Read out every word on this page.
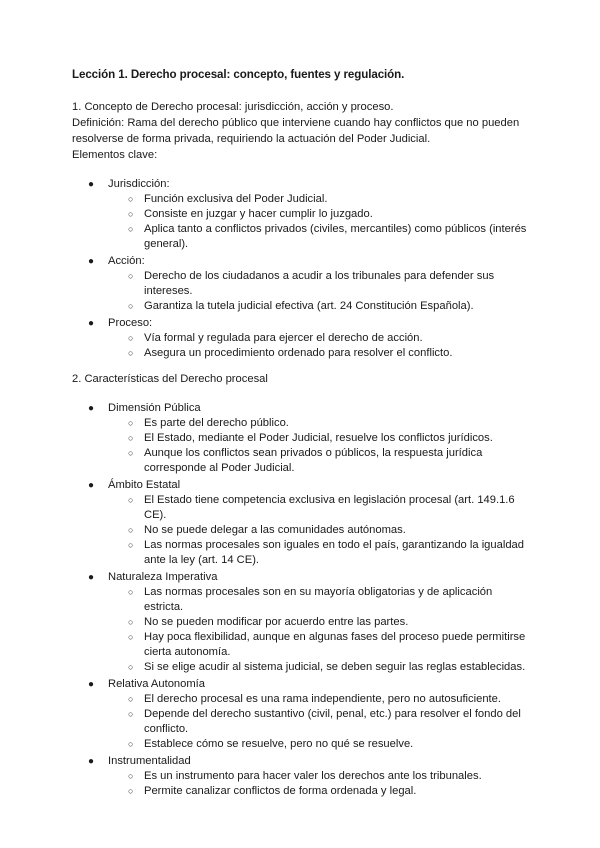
Lección 1. Derecho procesal: concepto, fuentes y regulación.

1. Concepto de Derecho procesal: jurisdicción, acción y proceso.

Definición: Rama del derecho público que interviene cuando hay conflictos que no pueden resolverse de forma privada, requiriendo la actuación del Poder Judicial.

Elementos clave:

● Jurisdicción:
○ Función exclusiva del Poder Judicial.
○ Consiste en juzgar y hacer cumplir lo juzgado.
○ Aplica tanto a conflictos privados (civiles, mercantiles) como públicos (interés general).
● Acción:
○ Derecho de los ciudadanos a acudir a los tribunales para defender sus intereses.
○ Garantiza la tutela judicial efectiva (art. 24 Constitución Española).
● Proceso:
○ Vía formal y regulada para ejercer el derecho de acción.
○ Asegura un procedimiento ordenado para resolver el conflicto.

2. Características del Derecho procesal

● Dimensión Pública
○ Es parte del derecho público.
○ El Estado, mediante el Poder Judicial, resuelve los conflictos jurídicos.
○ Aunque los conflictos sean privados o públicos, la respuesta jurídica corresponde al Poder Judicial.
● Ámbito Estatal
○ El Estado tiene competencia exclusiva en legislación procesal (art. 149.1.6 CE).
○ No se puede delegar a las comunidades autónomas.
○ Las normas procesales son iguales en todo el país, garantizando la igualdad ante la ley (art. 14 CE).
● Naturaleza Imperativa
○ Las normas procesales son en su mayoría obligatorias y de aplicación estricta.
○ No se pueden modificar por acuerdo entre las partes.
○ Hay poca flexibilidad, aunque en algunas fases del proceso puede permitirse cierta autonomía.
○ Si se elige acudir al sistema judicial, se deben seguir las reglas establecidas.
● Relativa Autonomía
○ El derecho procesal es una rama independiente, pero no autosuficiente.
○ Depende del derecho sustantivo (civil, penal, etc.) para resolver el fondo del conflicto.
○ Establece cómo se resuelve, pero no qué se resuelve.
● Instrumentalidad
○ Es un instrumento para hacer valer los derechos ante los tribunales.
○ Permite canalizar conflictos de forma ordenada y legal.
